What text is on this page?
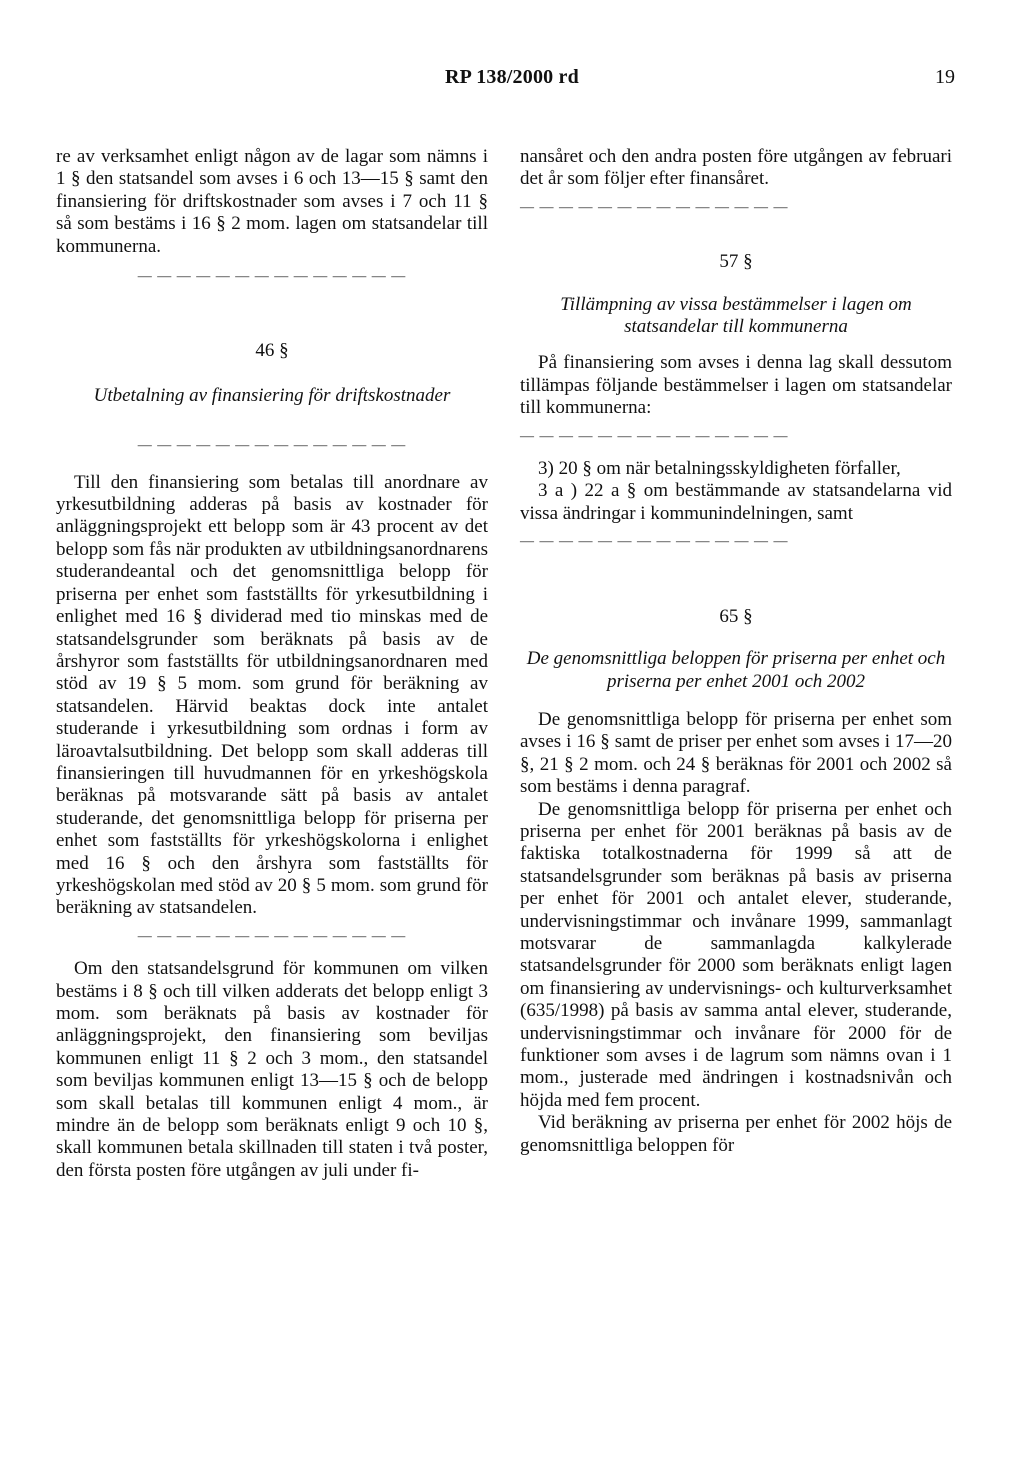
RP 138/2000 rd	19

re av verksamhet enligt någon av de lagar som nämns i 1 § den statsandel som avses i 6 och 13—15 § samt den finansiering för driftskostnader som avses i 7 och 11 § så som bestäms i 16 § 2 mom. lagen om statsandelar till kommunerna.

— — — — — — — — — — — — — —
46 §
Utbetalning av finansiering för driftskostnader
— — — — — — — — — — — — — —

Till den finansiering som betalas till anordnare av yrkesutbildning adderas på basis av kostnader för anläggningsprojekt ett belopp som är 43 procent av det belopp som fås när produkten av utbildningsanordnarens studerandeantal och det genomsnittliga belopp för priserna per enhet som fastställts för yrkesutbildning i enlighet med 16 § dividerad med tio minskas med de statsandelsgrunder som beräknats på basis av de årshyror som fastställts för utbildningsanordnaren med stöd av 19 § 5 mom. som grund för beräkning av statsandelen. Härvid beaktas dock inte antalet studerande i yrkesutbildning som ordnas i form av läroavtalsutbildning. Det belopp som skall adderas till finansieringen till huvudmannen för en yrkeshögskola beräknas på motsvarande sätt på basis av antalet studerande, det genomsnittliga belopp för priserna per enhet som fastställts för yrkeshögskolorna i enlighet med 16 § och den årshyra som fastställts för yrkeshögskolan med stöd av 20 § 5 mom. som grund för beräkning av statsandelen.

— — — — — — — — — — — — — —

Om den statsandelsgrund för kommunen om vilken bestäms i 8 § och till vilken adderats det belopp enligt 3 mom. som beräknats på basis av kostnader för anläggningsprojekt, den finansiering som beviljas kommunen enligt 11 § 2 och 3 mom., den statsandel som beviljas kommunen enligt 13—15 § och de belopp som skall betalas till kommunen enligt 4 mom., är mindre än de belopp som beräknats enligt 9 och 10 §, skall kommunen betala skillnaden till staten i två poster, den första posten före utgången av juli under fi-

nansåret och den andra posten före utgången av februari det år som följer efter finansåret.

— — — — — — — — — — — — — —
57 §
Tillämpning av vissa bestämmelser i lagen om statsandelar till kommunerna

På finansiering som avses i denna lag skall dessutom tillämpas följande bestämmelser i lagen om statsandelar till kommunerna:

— — — — — — — — — — — — — —

3) 20 § om när betalningsskyldigheten förfaller,

3 a ) 22 a § om bestämmande av statsandelarna vid vissa ändringar i kommunindelningen, samt

— — — — — — — — — — — — — —
65 §
De genomsnittliga beloppen för priserna per enhet och priserna per enhet 2001 och 2002

De genomsnittliga belopp för priserna per enhet som avses i 16 § samt de priser per enhet som avses i 17—20 §, 21 § 2 mom. och 24 § beräknas för 2001 och 2002 så som bestäms i denna paragraf.

De genomsnittliga belopp för priserna per enhet och priserna per enhet för 2001 beräknas på basis av de faktiska totalkostnaderna för 1999 så att de statsandelsgrunder som beräknas på basis av priserna per enhet för 2001 och antalet elever, studerande, undervisningstimmar och invånare 1999, sammanlagt motsvarar de sammanlagda kalkylerade statsandelsgrunder för 2000 som beräknats enligt lagen om finansiering av undervisnings- och kulturverksamhet (635/1998) på basis av samma antal elever, studerande, undervisningstimmar och invånare för 2000 för de funktioner som avses i de lagrum som nämns ovan i 1 mom., justerade med ändringen i kostnadsnivån och höjda med fem procent.

Vid beräkning av priserna per enhet för 2002 höjs de genomsnittliga beloppen för
